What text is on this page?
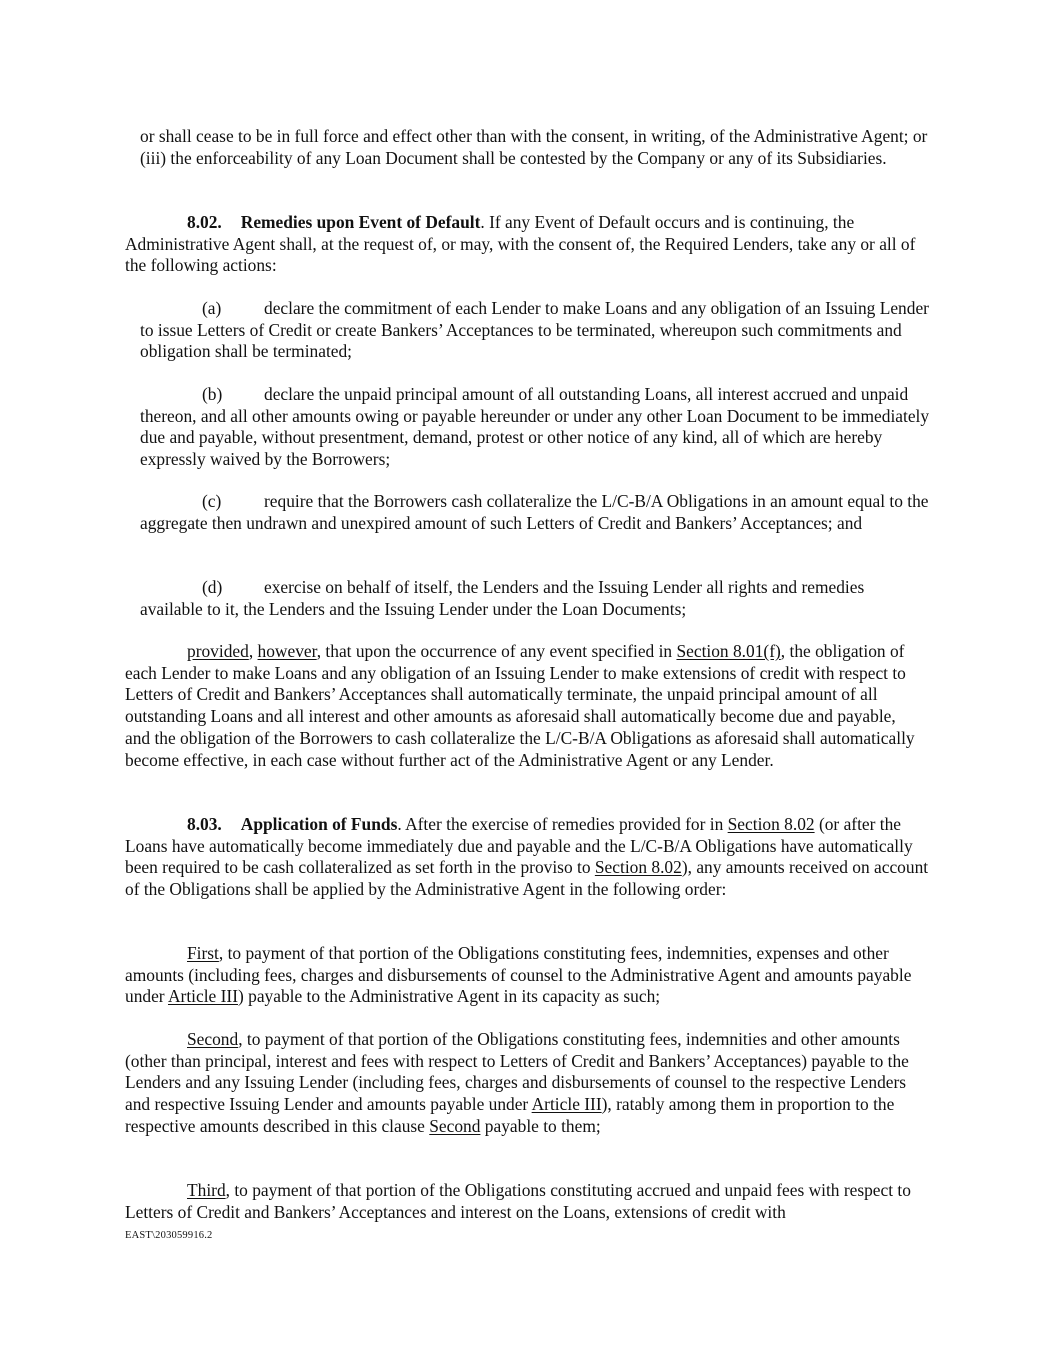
or shall cease to be in full force and effect other than with the consent, in writing, of the Administrative Agent; or (iii) the enforceability of any Loan Document shall be contested by the Company or any of its Subsidiaries.

8.02. Remedies upon Event of Default. If any Event of Default occurs and is continuing, the Administrative Agent shall, at the request of, or may, with the consent of, the Required Lenders, take any or all of the following actions:

(a) declare the commitment of each Lender to make Loans and any obligation of an Issuing Lender to issue Letters of Credit or create Bankers’ Acceptances to be terminated, whereupon such commitments and obligation shall be terminated;

(b) declare the unpaid principal amount of all outstanding Loans, all interest accrued and unpaid thereon, and all other amounts owing or payable hereunder or under any other Loan Document to be immediately due and payable, without presentment, demand, protest or other notice of any kind, all of which are hereby expressly waived by the Borrowers;

(c) require that the Borrowers cash collateralize the L/C-B/A Obligations in an amount equal to the aggregate then undrawn and unexpired amount of such Letters of Credit and Bankers’ Acceptances; and

(d) exercise on behalf of itself, the Lenders and the Issuing Lender all rights and remedies available to it, the Lenders and the Issuing Lender under the Loan Documents;

provided, however, that upon the occurrence of any event specified in Section 8.01(f), the obligation of each Lender to make Loans and any obligation of an Issuing Lender to make extensions of credit with respect to Letters of Credit and Bankers’ Acceptances shall automatically terminate, the unpaid principal amount of all outstanding Loans and all interest and other amounts as aforesaid shall automatically become due and payable, and the obligation of the Borrowers to cash collateralize the L/C-B/A Obligations as aforesaid shall automatically become effective, in each case without further act of the Administrative Agent or any Lender.

8.03. Application of Funds. After the exercise of remedies provided for in Section 8.02 (or after the Loans have automatically become immediately due and payable and the L/C-B/A Obligations have automatically been required to be cash collateralized as set forth in the proviso to Section 8.02), any amounts received on account of the Obligations shall be applied by the Administrative Agent in the following order:

First, to payment of that portion of the Obligations constituting fees, indemnities, expenses and other amounts (including fees, charges and disbursements of counsel to the Administrative Agent and amounts payable under Article III) payable to the Administrative Agent in its capacity as such;

Second, to payment of that portion of the Obligations constituting fees, indemnities and other amounts (other than principal, interest and fees with respect to Letters of Credit and Bankers’ Acceptances) payable to the Lenders and any Issuing Lender (including fees, charges and disbursements of counsel to the respective Lenders and respective Issuing Lender and amounts payable under Article III), ratably among them in proportion to the respective amounts described in this clause Second payable to them;

Third, to payment of that portion of the Obligations constituting accrued and unpaid fees with respect to Letters of Credit and Bankers’ Acceptances and interest on the Loans, extensions of credit with

EAST\203059916.2
